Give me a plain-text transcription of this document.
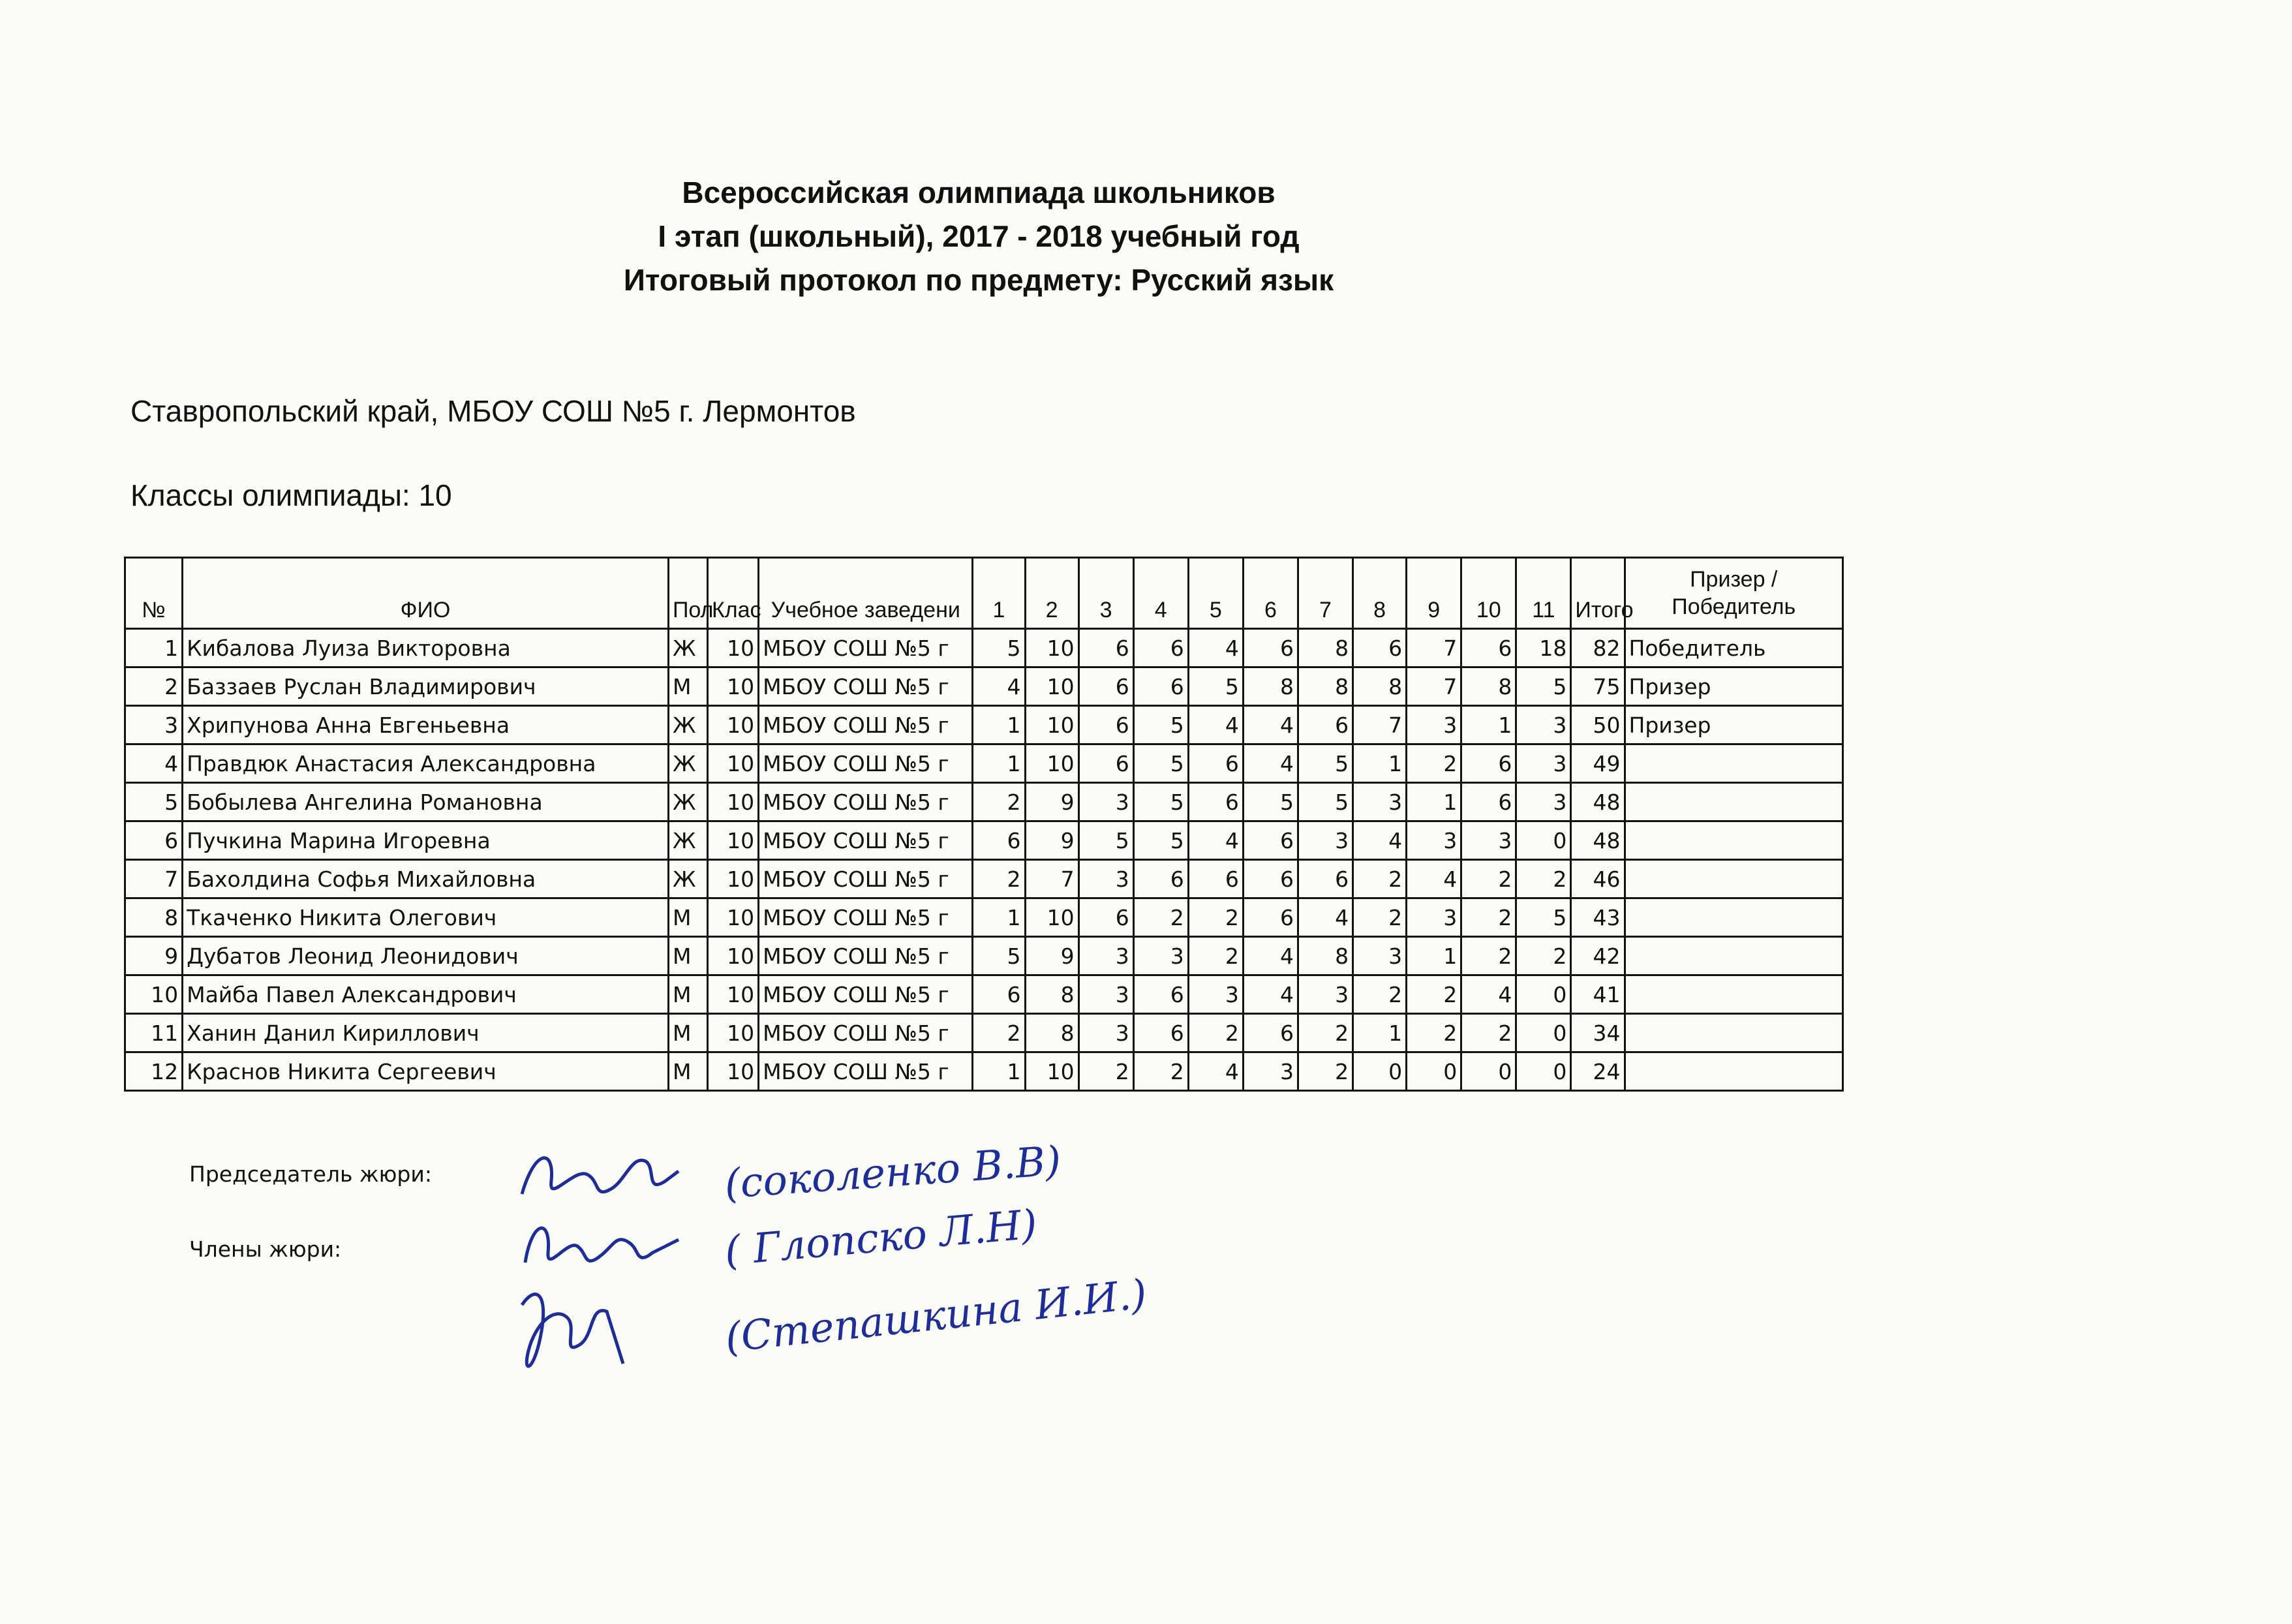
Всероссийская олимпиада школьников
I этап (школьный), 2017 - 2018 учебный год
Итоговый протокол по предмету: Русский язык
Ставропольский край, МБОУ СОШ №5 г. Лермонтов
Классы олимпиады: 10
№	ФИО	Пол	Клас	Учебное заведени	1	2	3	4	5	6	7	8	9	10	11	Итого	Призер /
Победитель
1	Кибалова Луиза Викторовна	Ж	10	МБОУ СОШ №5 г	5	10	6	6	4	6	8	6	7	6	18	82	Победитель
2	Баззаев Руслан Владимирович	М	10	МБОУ СОШ №5 г	4	10	6	6	5	8	8	8	7	8	5	75	Призер
3	Хрипунова Анна Евгеньевна	Ж	10	МБОУ СОШ №5 г	1	10	6	5	4	4	6	7	3	1	3	50	Призер
4	Правдюк Анастасия Александровна	Ж	10	МБОУ СОШ №5 г	1	10	6	5	6	4	5	1	2	6	3	49	
5	Бобылева Ангелина Романовна	Ж	10	МБОУ СОШ №5 г	2	9	3	5	6	5	5	3	1	6	3	48	
6	Пучкина Марина Игоревна	Ж	10	МБОУ СОШ №5 г	6	9	5	5	4	6	3	4	3	3	0	48	
7	Бахолдина Софья Михайловна	Ж	10	МБОУ СОШ №5 г	2	7	3	6	6	6	6	2	4	2	2	46	
8	Ткаченко Никита Олегович	М	10	МБОУ СОШ №5 г	1	10	6	2	2	6	4	2	3	2	5	43	
9	Дубатов Леонид Леонидович	М	10	МБОУ СОШ №5 г	5	9	3	3	2	4	8	3	1	2	2	42	
10	Майба Павел Александрович	М	10	МБОУ СОШ №5 г	6	8	3	6	3	4	3	2	2	4	0	41	
11	Ханин Данил Кириллович	М	10	МБОУ СОШ №5 г	2	8	3	6	2	6	2	1	2	2	0	34	
12	Краснов Никита Сергеевич	М	10	МБОУ СОШ №5 г	1	10	2	2	4	3	2	0	0	0	0	24	
Председатель жюри:
Члены жюри:
(соколенко В.В)
( Глопско Л.Н)
(Степашкина И.И.)
